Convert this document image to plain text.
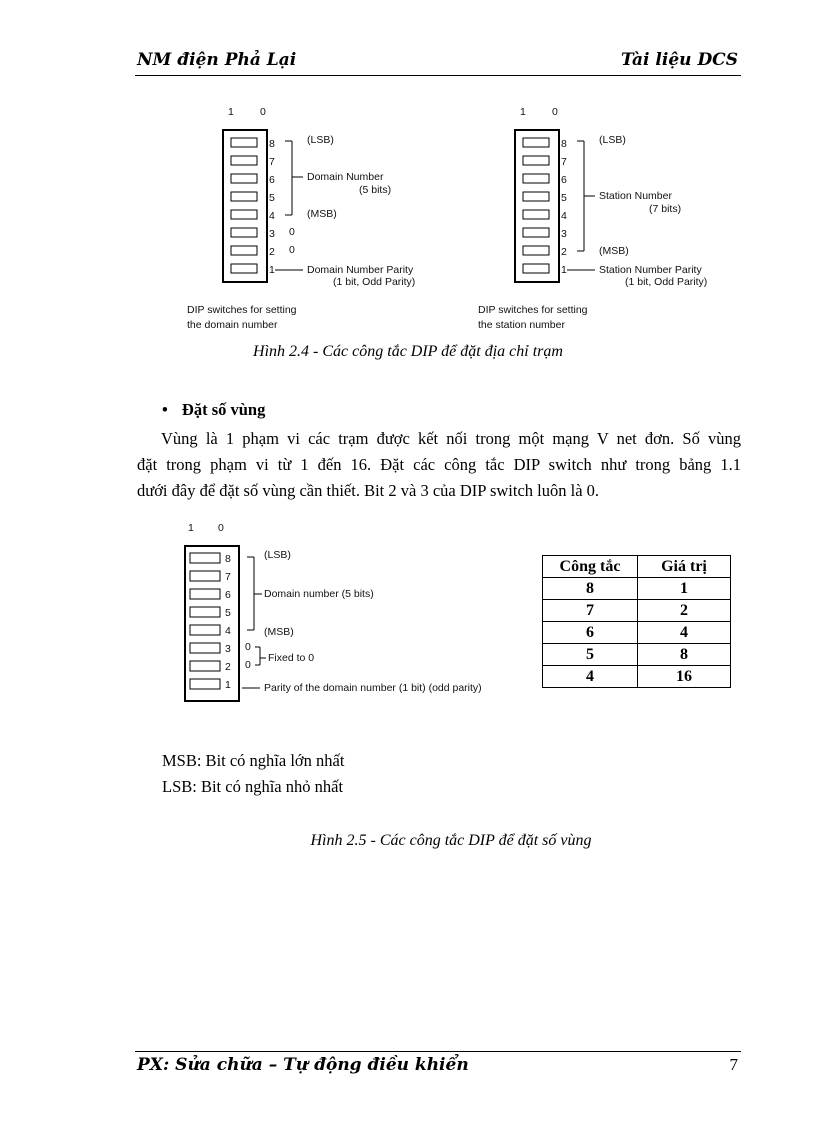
NM điện Phả Lại	Tài liệu DCS
1 0
8
7
6
5
4
3
2
1
(LSB)
Domain Number
(5 bits)
(MSB)
0
0
Domain Number Parity
(1 bit, Odd Parity)
DIP switches for setting
the domain number
1 0
8
7
6
5
4
3
2
1
(LSB)
Station Number
(7 bits)
(MSB)
Station Number Parity
(1 bit, Odd Parity)
DIP switches for setting
the station number
Hình 2.4 - Các công tắc DIP để đặt địa chỉ trạm
• Đặt số vùng
Vùng là 1 phạm vi các trạm được kết nối trong một mạng V net đơn. Số vùng
đặt trong phạm vi từ 1 đến 16. Đặt các công tắc DIP switch như trong bảng 1.1
dưới đây để đặt số vùng cần thiết. Bit 2 và 3 của DIP switch luôn là 0.
1 0
8
7
6
5
4
3
2
1
(LSB)
Domain number (5 bits)
(MSB)
0
0
Fixed to 0
Parity of the domain number (1 bit) (odd parity)
Công tắc	Giá trị
8	1
7	2
6	4
5	8
4	16
MSB: Bit có nghĩa lớn nhất
LSB: Bit có nghĩa nhỏ nhất
Hình 2.5 - Các công tắc DIP để đặt số vùng
PX: Sửa chữa – Tự động điều khiển	7
